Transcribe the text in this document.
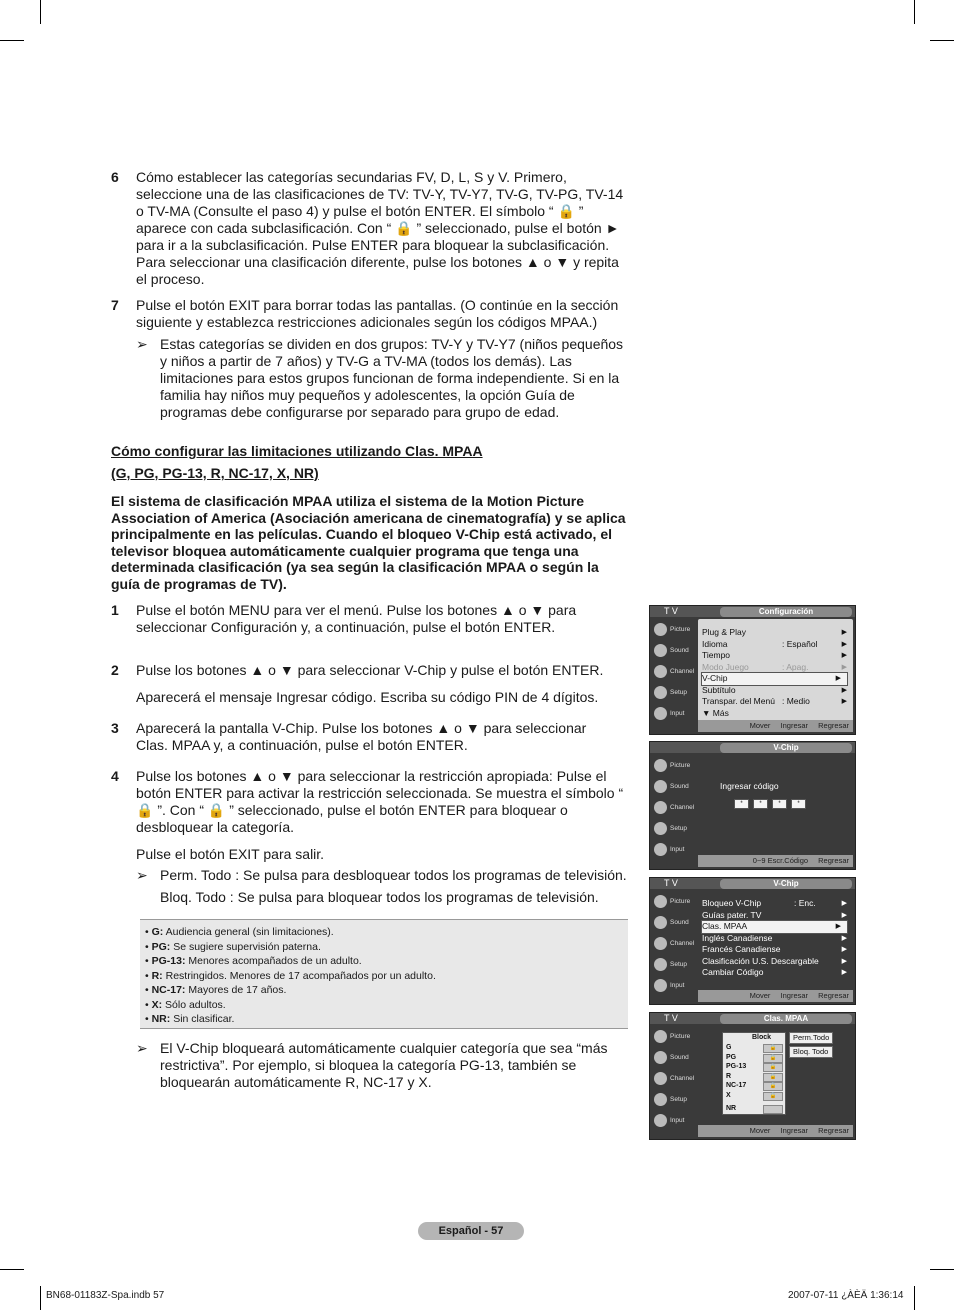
6 Cómo establecer las categorías secundarias FV, D, L, S y V. Primero, seleccione una de las clasificaciones de TV: TV-Y, TV-Y7, TV-G, TV-PG, TV-14 o TV-MA (Consulte el paso 4) y pulse el botón ENTER. El símbolo “ 🔒 ” aparece con cada subclasificación. Con “ 🔒 ” seleccionado, pulse el botón ► para ir a la subclasificación. Pulse ENTER para bloquear la subclasificación. Para seleccionar una clasificación diferente, pulse los botones ▲ o ▼ y repita el proceso.

7 Pulse el botón EXIT para borrar todas las pantallas. (O continúe en la sección siguiente y establezca restricciones adicionales según los códigos MPAA.)

➢ Estas categorías se dividen en dos grupos: TV-Y y TV-Y7 (niños pequeños y niños a partir de 7 años) y TV-G a TV-MA (todos los demás). Las limitaciones para estos grupos funcionan de forma independiente. Si en la familia hay niños muy pequeños y adolescentes, la opción Guía de programas debe configurarse por separado para grupo de edad.
Cómo configurar las limitaciones utilizando Clas. MPAA
(G, PG, PG-13, R, NC-17, X, NR)

El sistema de clasificación MPAA utiliza el sistema de la Motion Picture Association of America (Asociación americana de cinematografía) y se aplica principalmente en las películas. Cuando el bloqueo V-Chip está activado, el televisor bloquea automáticamente cualquier programa que tenga una determinada clasificación (ya sea según la clasificación MPAA o según la guía de programas de TV).

1 Pulse el botón MENU para ver el menú. Pulse los botones ▲ o ▼ para seleccionar Configuración y, a continuación, pulse el botón ENTER.

2 Pulse los botones ▲ o ▼ para seleccionar V-Chip y pulse el botón ENTER.

Aparecerá el mensaje Ingresar código. Escriba su código PIN de 4 dígitos.

3 Aparecerá la pantalla V-Chip. Pulse los botones ▲ o ▼ para seleccionar Clas. MPAA y, a continuación, pulse el botón ENTER.

4 Pulse los botones ▲ o ▼ para seleccionar la restricción apropiada: Pulse el botón ENTER para activar la restricción seleccionada. Se muestra el símbolo “ 🔒 ”. Con “ 🔒 ” seleccionado, pulse el botón ENTER para bloquear o desbloquear la categoría.

Pulse el botón EXIT para salir.

➢ Perm. Todo : Se pulsa para desbloquear todos los programas de televisión.
Bloq. Todo : Se pulsa para bloquear todos los programas de televisión.
• G: Audiencia general (sin limitaciones).
• PG: Se sugiere supervisión paterna.
• PG-13: Menores acompañados de un adulto.
• R: Restringidos. Menores de 17 acompañados por un adulto.
• NC-17: Mayores de 17 años.
• X: Sólo adultos.
• NR: Sin clasificar.
➢ El V-Chip bloqueará automáticamente cualquier categoría que sea “más restrictiva”. Por ejemplo, si bloquea la categoría PG-13, también se bloquearán automáticamente R, NC-17 y X.
T V	Configuración
Picture
Sound
Channel
Setup
Input
Plug & Play	▶
Idioma	: Español	▶
Tiempo	▶
Modo Juego	: Apag.	▶
V-Chip	▶
Subtítulo	▶
Transpar. del Menú : Medio	▶
▼ Más
Mover Ingresar Regresar
V-Chip
Picture
Sound
Channel
Setup
Input
Ingresar código
*	*	*	*
0~9 Escr.Código Regresar
T V	V-Chip
Picture
Sound
Channel
Setup
Input
Bloqueo V-Chip	: Enc.	▶
Guías pater. TV	▶
Clas. MPAA	▶
Inglés Canadiense	▶
Francés Canadiense	▶
Clasificación U.S. Descargable	▶
Cambiar Código	▶
Mover Ingresar Regresar
T V	Clas. MPAA
Picture
Sound
Channel
Setup
Input
Block
G	🔒
PG	🔒
PG-13	🔒
R	🔒
NC-17	🔒
X	🔒
NR
Perm.Todo
Bloq. Todo
Mover Ingresar Regresar
Español - 57
BN68-01183Z-Spa.indb 57	2007-07-11 ¿ÀÈÄ 1:36:14
